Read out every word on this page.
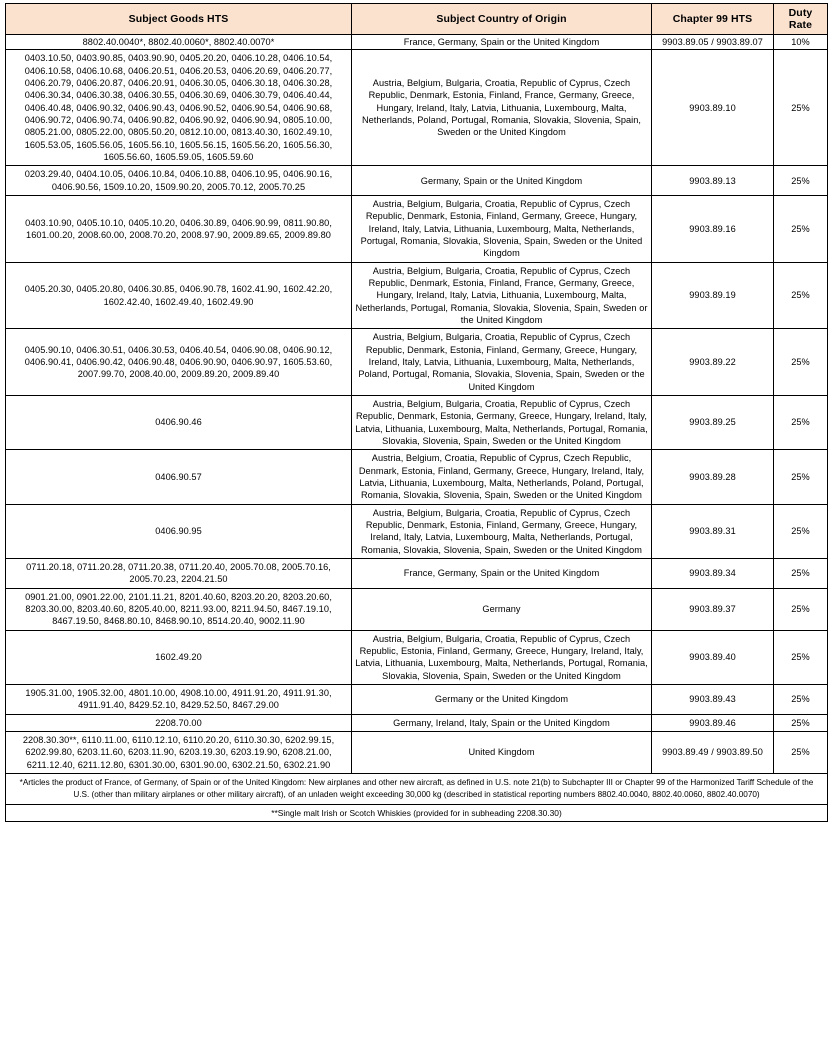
Subject Goods HTS	Subject Country of Origin	Chapter 99 HTS	Duty Rate
8802.40.0040*, 8802.40.0060*, 8802.40.0070*	France, Germany, Spain or the United Kingdom	9903.89.05 / 9903.89.07	10%
0403.10.50, 0403.90.85, 0403.90.90, 0405.20.20, 0406.10.28, 0406.10.54, 0406.10.58, 0406.10.68, 0406.20.51, 0406.20.53, 0406.20.69, 0406.20.77, 0406.20.79, 0406.20.87, 0406.20.91, 0406.30.05, 0406.30.18, 0406.30.28, 0406.30.34, 0406.30.38, 0406.30.55, 0406.30.69, 0406.30.79, 0406.40.44, 0406.40.48, 0406.90.32, 0406.90.43, 0406.90.52, 0406.90.54, 0406.90.68, 0406.90.72, 0406.90.74, 0406.90.82, 0406.90.92, 0406.90.94, 0805.10.00, 0805.21.00, 0805.22.00, 0805.50.20, 0812.10.00, 0813.40.30, 1602.49.10, 1605.53.05, 1605.56.05, 1605.56.10, 1605.56.15, 1605.56.20, 1605.56.30, 1605.56.60, 1605.59.05, 1605.59.60	Austria, Belgium, Bulgaria, Croatia, Republic of Cyprus, Czech Republic, Denmark, Estonia, Finland, France, Germany, Greece, Hungary, Ireland, Italy, Latvia, Lithuania, Luxembourg, Malta, Netherlands, Poland, Portugal, Romania, Slovakia, Slovenia, Spain, Sweden or the United Kingdom	9903.89.10	25%
0203.29.40, 0404.10.05, 0406.10.84, 0406.10.88, 0406.10.95, 0406.90.16, 0406.90.56, 1509.10.20, 1509.90.20, 2005.70.12, 2005.70.25	Germany, Spain or the United Kingdom	9903.89.13	25%
0403.10.90, 0405.10.10, 0405.10.20, 0406.30.89, 0406.90.99, 0811.90.80, 1601.00.20, 2008.60.00, 2008.70.20, 2008.97.90, 2009.89.65, 2009.89.80	Austria, Belgium, Bulgaria, Croatia, Republic of Cyprus, Czech Republic, Denmark, Estonia, Finland, Germany, Greece, Hungary, Ireland, Italy, Latvia, Lithuania, Luxembourg, Malta, Netherlands, Portugal, Romania, Slovakia, Slovenia, Spain, Sweden or the United Kingdom	9903.89.16	25%
0405.20.30, 0405.20.80, 0406.30.85, 0406.90.78, 1602.41.90, 1602.42.20, 1602.42.40, 1602.49.40, 1602.49.90	Austria, Belgium, Bulgaria, Croatia, Republic of Cyprus, Czech Republic, Denmark, Estonia, Finland, France, Germany, Greece, Hungary, Ireland, Italy, Latvia, Lithuania, Luxembourg, Malta, Netherlands, Portugal, Romania, Slovakia, Slovenia, Spain, Sweden or the United Kingdom	9903.89.19	25%
0405.90.10, 0406.30.51, 0406.30.53, 0406.40.54, 0406.90.08, 0406.90.12, 0406.90.41, 0406.90.42, 0406.90.48, 0406.90.90, 0406.90.97, 1605.53.60, 2007.99.70, 2008.40.00, 2009.89.20, 2009.89.40	Austria, Belgium, Bulgaria, Croatia, Republic of Cyprus, Czech Republic, Denmark, Estonia, Finland, Germany, Greece, Hungary, Ireland, Italy, Latvia, Lithuania, Luxembourg, Malta, Netherlands, Poland, Portugal, Romania, Slovakia, Slovenia, Spain, Sweden or the United Kingdom	9903.89.22	25%
0406.90.46	Austria, Belgium, Bulgaria, Croatia, Republic of Cyprus, Czech Republic, Denmark, Estonia, Germany, Greece, Hungary, Ireland, Italy, Latvia, Lithuania, Luxembourg, Malta, Netherlands, Portugal, Romania, Slovakia, Slovenia, Spain, Sweden or the United Kingdom	9903.89.25	25%
0406.90.57	Austria, Belgium, Croatia, Republic of Cyprus, Czech Republic, Denmark, Estonia, Finland, Germany, Greece, Hungary, Ireland, Italy, Latvia, Lithuania, Luxembourg, Malta, Netherlands, Poland, Portugal, Romania, Slovakia, Slovenia, Spain, Sweden or the United Kingdom	9903.89.28	25%
0406.90.95	Austria, Belgium, Bulgaria, Croatia, Republic of Cyprus, Czech Republic, Denmark, Estonia, Finland, Germany, Greece, Hungary, Ireland, Italy, Latvia, Luxembourg, Malta, Netherlands, Portugal, Romania, Slovakia, Slovenia, Spain, Sweden or the United Kingdom	9903.89.31	25%
0711.20.18, 0711.20.28, 0711.20.38, 0711.20.40, 2005.70.08, 2005.70.16, 2005.70.23, 2204.21.50	France, Germany, Spain or the United Kingdom	9903.89.34	25%
0901.21.00, 0901.22.00, 2101.11.21, 8201.40.60, 8203.20.20, 8203.20.60, 8203.30.00, 8203.40.60, 8205.40.00, 8211.93.00, 8211.94.50, 8467.19.10, 8467.19.50, 8468.80.10, 8468.90.10, 8514.20.40, 9002.11.90	Germany	9903.89.37	25%
1602.49.20	Austria, Belgium, Bulgaria, Croatia, Republic of Cyprus, Czech Republic, Estonia, Finland, Germany, Greece, Hungary, Ireland, Italy, Latvia, Lithuania, Luxembourg, Malta, Netherlands, Portugal, Romania, Slovakia, Slovenia, Spain, Sweden or the United Kingdom	9903.89.40	25%
1905.31.00, 1905.32.00, 4801.10.00, 4908.10.00, 4911.91.20, 4911.91.30, 4911.91.40, 8429.52.10, 8429.52.50, 8467.29.00	Germany or the United Kingdom	9903.89.43	25%
2208.70.00	Germany, Ireland, Italy, Spain or the United Kingdom	9903.89.46	25%
2208.30.30**, 6110.11.00, 6110.12.10, 6110.20.20, 6110.30.30, 6202.99.15, 6202.99.80, 6203.11.60, 6203.11.90, 6203.19.30, 6203.19.90, 6208.21.00, 6211.12.40, 6211.12.80, 6301.30.00, 6301.90.00, 6302.21.50, 6302.21.90	United Kingdom	9903.89.49 / 9903.89.50	25%
*Articles the product of France, of Germany, of Spain or of the United Kingdom: New airplanes and other new aircraft, as defined in U.S. note 21(b) to Subchapter III or Chapter 99 of the Harmonized Tariff Schedule of the U.S. (other than military airplanes or other military aircraft), of an unladen weight exceeding 30,000 kg (described in statistical reporting numbers 8802.40.0040, 8802.40.0060, 8802.40.0070)			
**Single malt Irish or Scotch Whiskies (provided for in subheading 2208.30.30)			
